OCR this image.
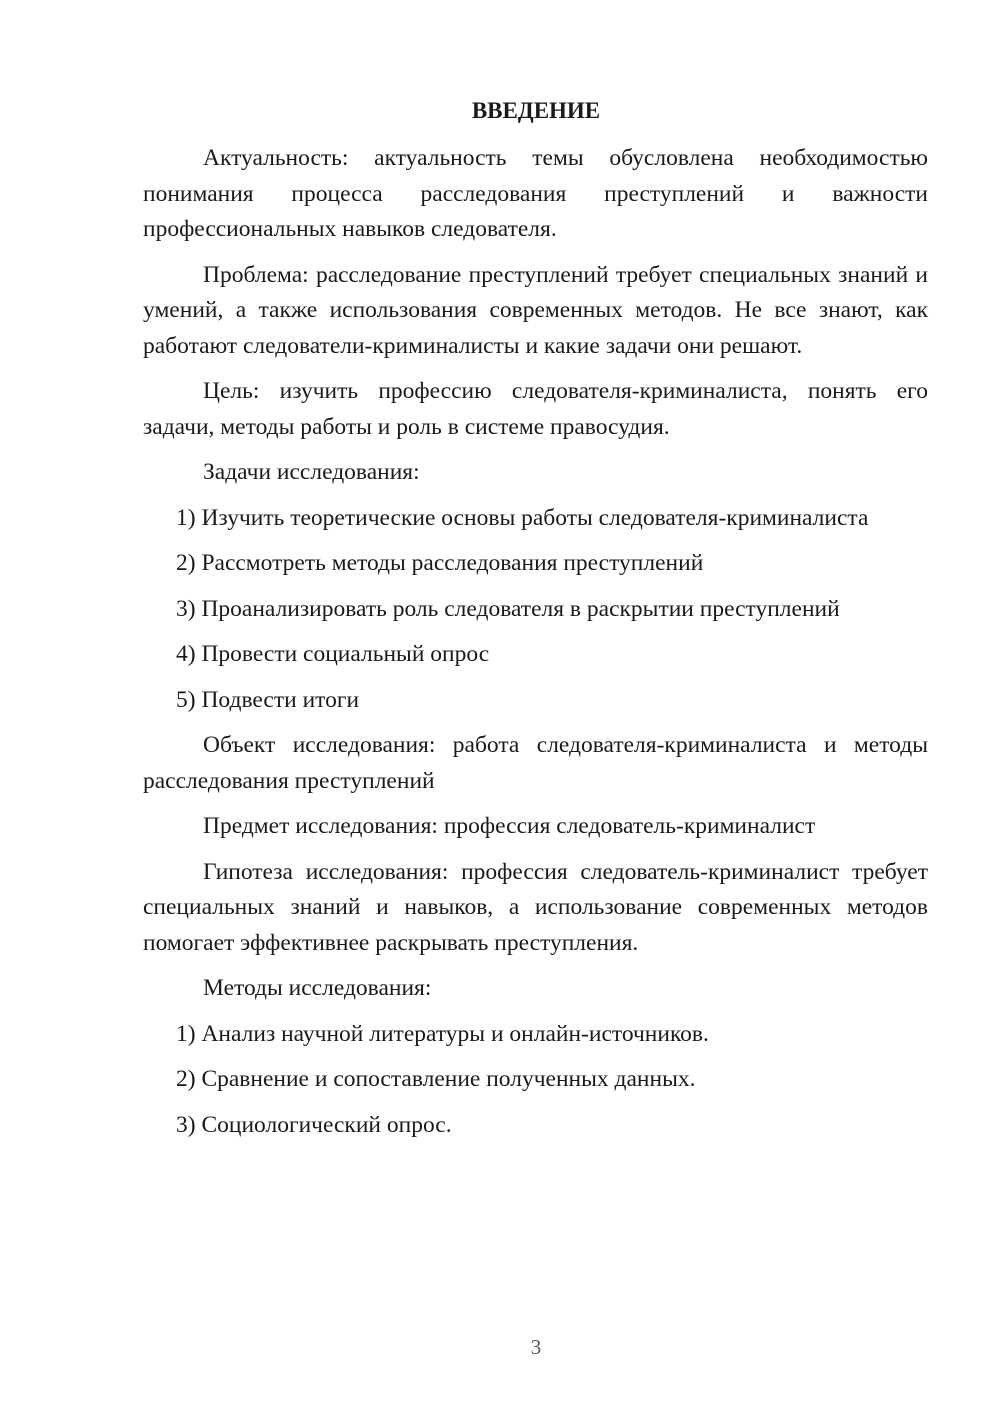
ВВЕДЕНИЕ

Актуальность: актуальность темы обусловлена необходимостью понимания процесса расследования преступлений и важности профессиональных навыков следователя.

Проблема: расследование преступлений требует специальных знаний и умений, а также использования современных методов. Не все знают, как работают следователи-криминалисты и какие задачи они решают.

Цель: изучить профессию следователя-криминалиста, понять его задачи, методы работы и роль в системе правосудия.

Задачи исследования:

1) Изучить теоретические основы работы следователя-криминалиста
2) Рассмотреть методы расследования преступлений
3) Проанализировать роль следователя в раскрытии преступлений
4) Провести социальный опрос
5) Подвести итоги

Объект исследования: работа следователя-криминалиста и методы расследования преступлений

Предмет исследования: профессия следователь-криминалист

Гипотеза исследования: профессия следователь-криминалист требует специальных знаний и навыков, а использование современных методов помогает эффективнее раскрывать преступления.

Методы исследования:

1) Анализ научной литературы и онлайн-источников.
2) Сравнение и сопоставление полученных данных.
3) Социологический опрос.
3
